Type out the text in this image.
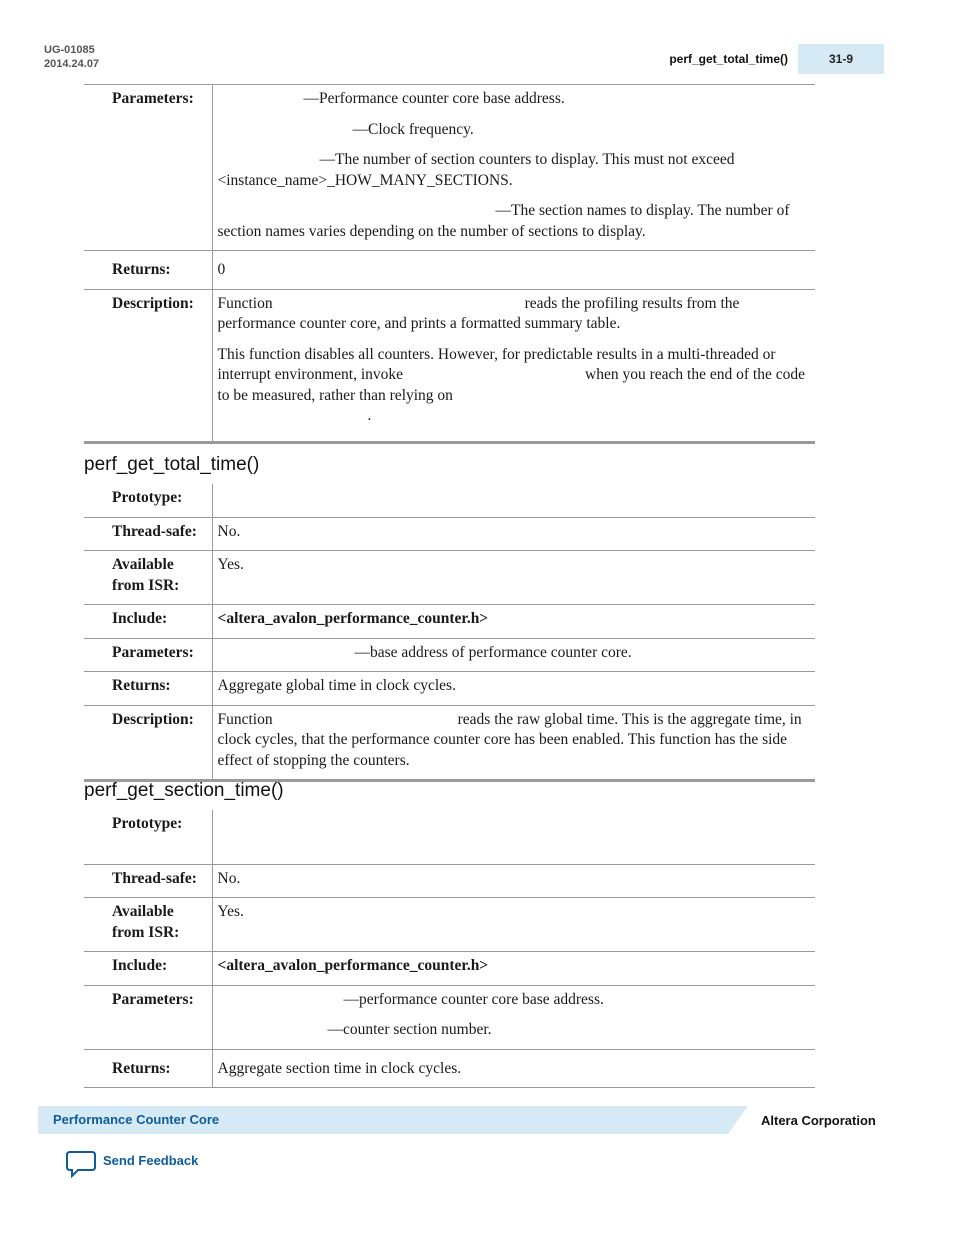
UG-01085
2014.24.07	perf_get_total_time()	31-9
Parameters:	—Performance counter core base address.
—Clock frequency.
—The number of section counters to display. This must not exceed <instance_name>_HOW_MANY_SECTIONS.
—The section names to display. The number of section names varies depending on the number of sections to display.

Returns:	0
Description:	Function reads the profiling results from the performance counter core, and prints a formatted summary table.
This function disables all counters. However, for predictable results in a multi-threaded or interrupt environment, invoke when you reach the end of the code to be measured, rather than relying on
.
perf_get_total_time()
Prototype:	
Thread-safe:	No.
Available from ISR:	Yes.
Include:	<altera_avalon_performance_counter.h>
Parameters:	—base address of performance counter core.
Returns:	Aggregate global time in clock cycles.
Description:	Function reads the raw global time. This is the aggregate time, in clock cycles, that the performance counter core has been enabled. This function has the side effect of stopping the counters.
perf_get_section_time()
Prototype:	
Thread-safe:	No.
Available from ISR:	Yes.
Include:	<altera_avalon_performance_counter.h>
Parameters:	—performance counter core base address.
—counter section number.

Returns:	Aggregate section time in clock cycles.
Performance Counter Core	Altera Corporation
Send Feedback
